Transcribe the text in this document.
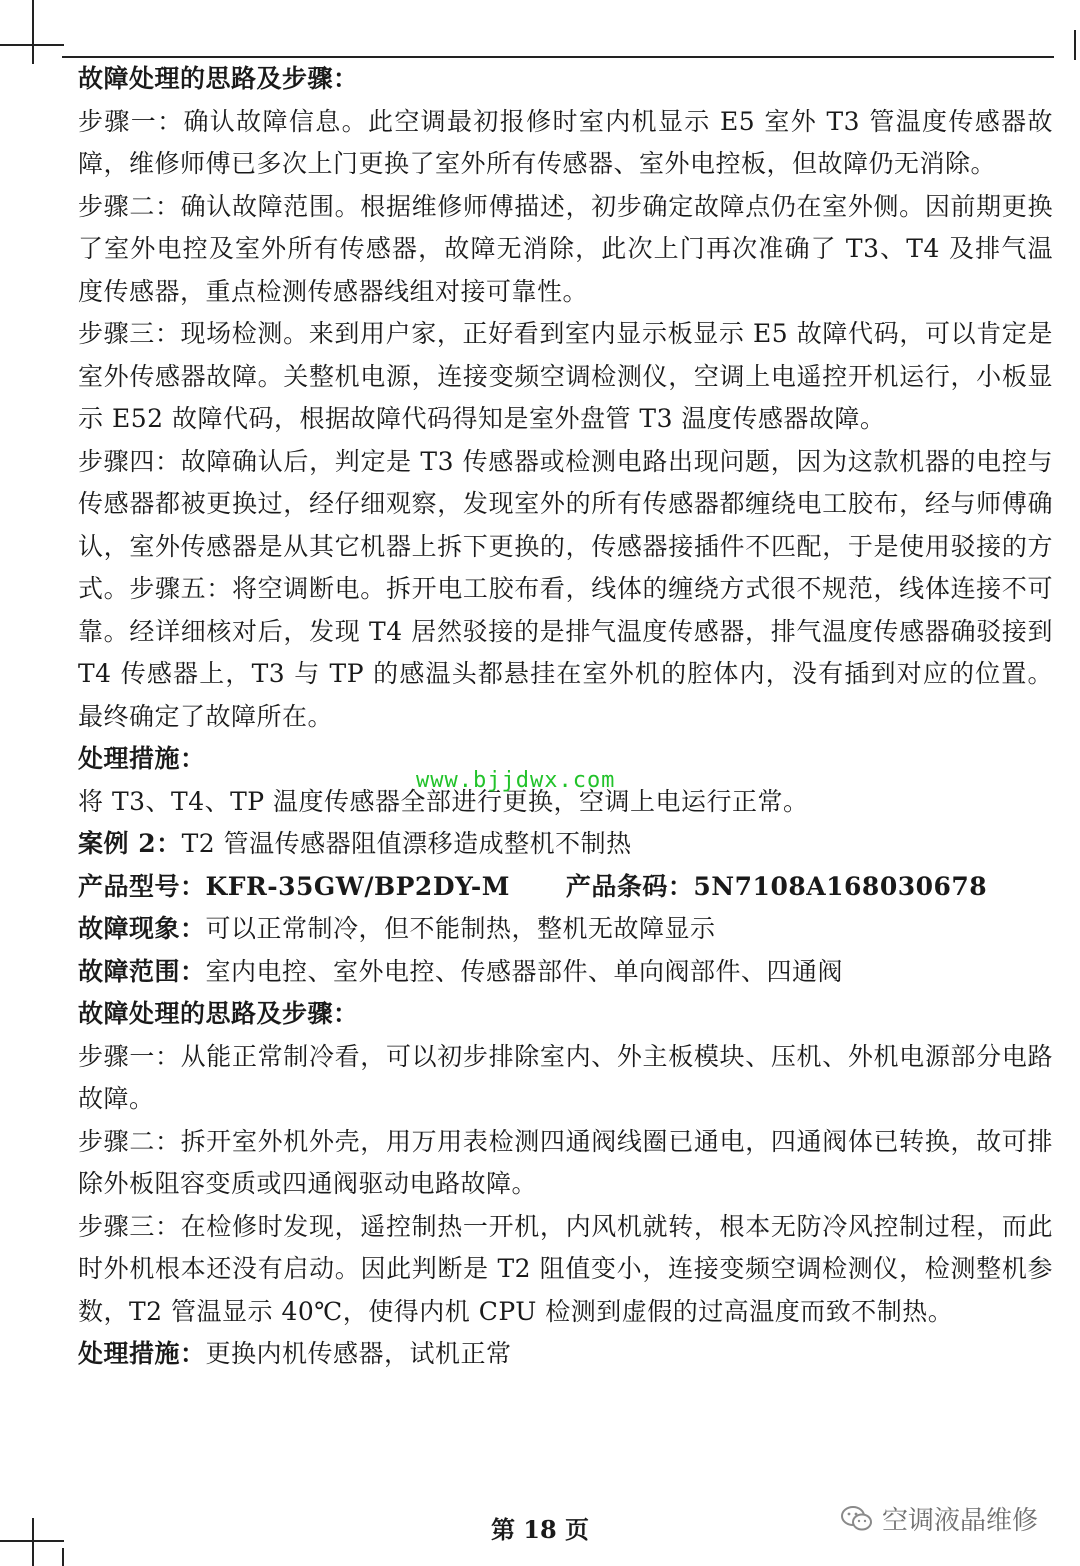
故障处理的思路及步骤：
步骤一：确认故障信息。此空调最初报修时室内机显示 E5 室外 T3 管温度传感器故障，维修师傅已多次上门更换了室外所有传感器、室外电控板，但故障仍无消除。
步骤二：确认故障范围。根据维修师傅描述，初步确定故障点仍在室外侧。因前期更换了室外电控及室外所有传感器，故障无消除，此次上门再次准确了 T3、T4 及排气温度传感器，重点检测传感器线组对接可靠性。
步骤三：现场检测。来到用户家，正好看到室内显示板显示 E5 故障代码，可以肯定是室外传感器故障。关整机电源，连接变频空调检测仪，空调上电遥控开机运行，小板显示 E52 故障代码，根据故障代码得知是室外盘管 T3 温度传感器故障。
步骤四：故障确认后，判定是 T3 传感器或检测电路出现问题，因为这款机器的电控与传感器都被更换过，经仔细观察，发现室外的所有传感器都缠绕电工胶布，经与师傅确认，室外传感器是从其它机器上拆下更换的，传感器接插件不匹配，于是使用驳接的方式。步骤五：将空调断电。拆开电工胶布看，线体的缠绕方式很不规范，线体连接不可靠。经详细核对后，发现 T4 居然驳接的是排气温度传感器，排气温度传感器确驳接到 T4 传感器上，T3 与 TP 的感温头都悬挂在室外机的腔体内，没有插到对应的位置。最终确定了故障所在。
处理措施：
将 T3、T4、TP 温度传感器全部进行更换，空调上电运行正常。
案例 2：T2 管温传感器阻值漂移造成整机不制热
产品型号：KFR-35GW/BP2DY-M 产品条码：5N7108A168030678
故障现象：可以正常制冷，但不能制热，整机无故障显示
故障范围：室内电控、室外电控、传感器部件、单向阀部件、四通阀
故障处理的思路及步骤：
步骤一：从能正常制冷看，可以初步排除室内、外主板模块、压机、外机电源部分电路故障。
步骤二：拆开室外机外壳，用万用表检测四通阀线圈已通电，四通阀体已转换，故可排除外板阻容变质或四通阀驱动电路故障。
步骤三：在检修时发现，遥控制热一开机，内风机就转，根本无防冷风控制过程，而此时外机根本还没有启动。因此判断是 T2 阻值变小，连接变频空调检测仪，检测整机参数，T2 管温显示 40℃，使得内机 CPU 检测到虚假的过高温度而致不制热。
处理措施：更换内机传感器，试机正常
www.bjjdwx.com
第 18 页	空调液晶维修
